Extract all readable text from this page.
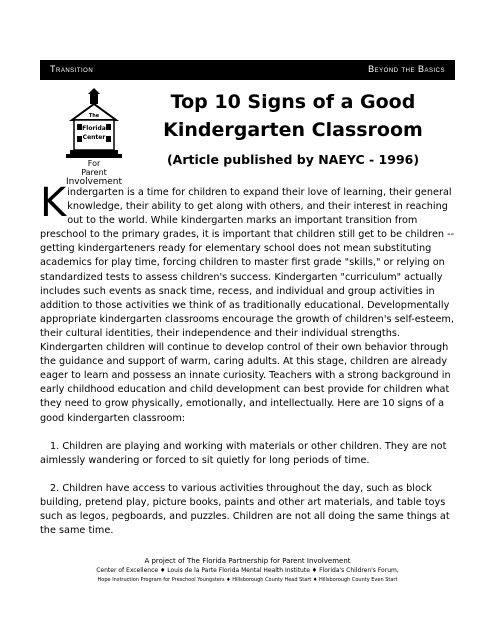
Transition	Beyond the Basics
The
Florida
Center
For
Parent
Involvement
Top 10 Signs of a Good
Kindergarten Classroom
(Article published by NAEYC - 1996)

Kindergarten is a time for children to expand their love of learning, their general knowledge, their ability to get along with others, and their interest in reaching out to the world. While kindergarten marks an important transition from preschool to the primary grades, it is important that children still get to be children -- getting kindergarteners ready for elementary school does not mean substituting academics for play time, forcing children to master first grade "skills," or relying on standardized tests to assess children's success. Kindergarten "curriculum" actually includes such events as snack time, recess, and individual and group activities in addition to those activities we think of as traditionally educational. Developmentally appropriate kindergarten classrooms encourage the growth of children's self-esteem, their cultural identities, their independence and their individual strengths. Kindergarten children will continue to develop control of their own behavior through the guidance and support of warm, caring adults. At this stage, children are already eager to learn and possess an innate curiosity. Teachers with a strong background in early childhood education and child development can best provide for children what they need to grow physically, emotionally, and intellectually. Here are 10 signs of a good kindergarten classroom:

1. Children are playing and working with materials or other children. They are not aimlessly wandering or forced to sit quietly for long periods of time.

2. Children have access to various activities throughout the day, such as block building, pretend play, picture books, paints and other art materials, and table toys such as legos, pegboards, and puzzles. Children are not all doing the same things at the same time.

A project of The Florida Partnership for Parent Involvement
Center of Excellence ♦ Louis de la Parte Florida Mental Health Institute ♦ Florida's Children's Forum,
Hope Instruction Program for Preschool Youngsters ♦ Hillsborough County Head Start ♦ Hillsborough County Even Start
